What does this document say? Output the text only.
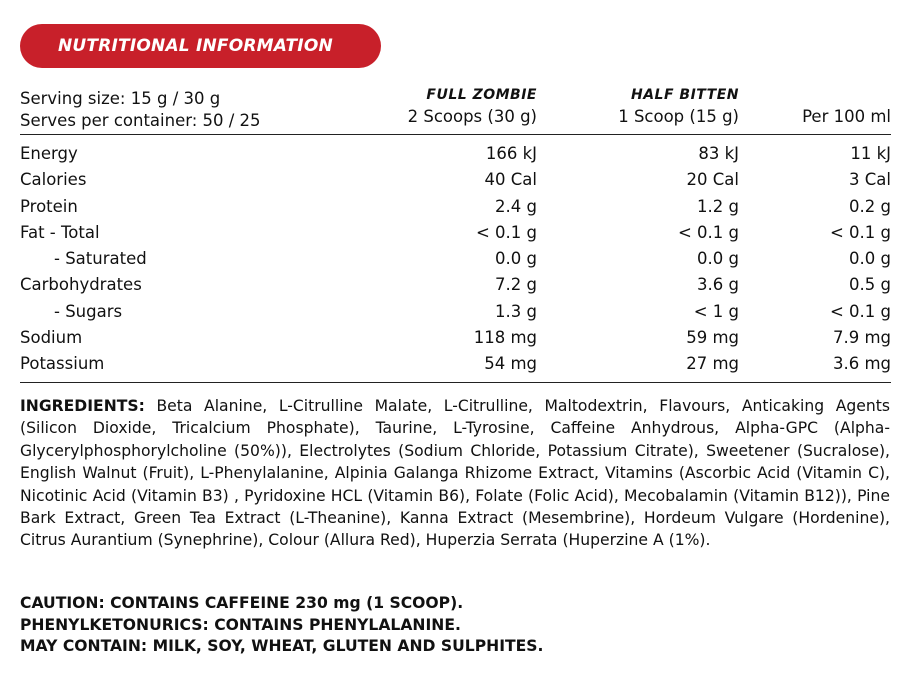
NUTRITIONAL INFORMATION
Serving size: 15 g / 30 g
Serves per container: 50 / 25
FULL ZOMBIE
2 Scoops (30 g)
HALF BITTEN
1 Scoop (15 g)
	Per 100 ml
Energy	166 kJ	83 kJ	11 kJ
Calories	40 Cal	20 Cal	3 Cal
Protein	2.4 g	1.2 g	0.2 g
Fat - Total	< 0.1 g	< 0.1 g	< 0.1 g
- Saturated	0.0 g	0.0 g	0.0 g
Carbohydrates	7.2 g	3.6 g	0.5 g
- Sugars	1.3 g	< 1 g	< 0.1 g
Sodium	118 mg	59 mg	7.9 mg
Potassium	54 mg	27 mg	3.6 mg
INGREDIENTS: Beta Alanine, L-Citrulline Malate, L-Citrulline, Maltodextrin, Flavours, Anticaking Agents (Silicon Dioxide, Tricalcium Phosphate), Taurine, L-Tyrosine, Caffeine Anhydrous, Alpha-GPC (Alpha-Glycerylphosphorylcholine (50%)), Electrolytes (Sodium Chloride, Potassium Citrate), Sweetener (Sucralose), English Walnut (Fruit), L-Phenylalanine, Alpinia Galanga Rhizome Extract, Vitamins (Ascorbic Acid (Vitamin C), Nicotinic Acid (Vitamin B3) , Pyridoxine HCL (Vitamin B6), Folate (Folic Acid), Mecobalamin (Vitamin B12)), Pine Bark Extract, Green Tea Extract (L-Theanine), Kanna Extract (Mesembrine), Hordeum Vulgare (Hordenine), Citrus Aurantium (Synephrine), Colour (Allura Red), Huperzia Serrata (Huperzine A (1%).
CAUTION: CONTAINS CAFFEINE 230 mg (1 SCOOP).
PHENYLKETONURICS: CONTAINS PHENYLALANINE.
MAY CONTAIN: MILK, SOY, WHEAT, GLUTEN AND SULPHITES.
